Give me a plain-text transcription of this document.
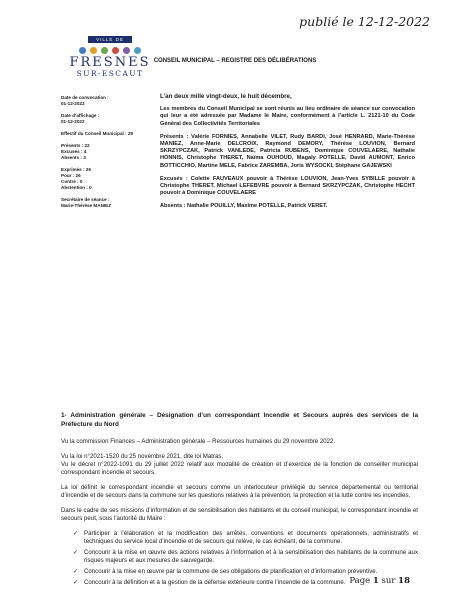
publié le 12-12-2022
VILLE DE
FRESNES
SUR-ESCAUT
CONSEIL MUNICIPAL – REGISTRE DES DÉLIBÉRATIONS
Date de convocation :
01-12-2022
Date d’affichage :
01-12-2022
Effectif du Conseil Municipal : 29
Présents : 22
Excusés : 4
Absents : 3
Exprimés : 26
Pour : 26
Contre : 0
Abstention : 0
Secrétaire de séance :
Marie-Thérèse MANIEZ

L’an deux mille vingt-deux, le huit décembre,

Les membres du Conseil Municipal se sont réunis au lieu ordinaire de séance sur convocation qui leur a été adressée par Madame le Maire, conformément à l’article L. 2121-10 du Code Général des Collectivités Territoriales

Présents : Valérie FORNIES, Annabelle VILET, Rudy BARDI, José HENRARD, Marie-Thérèse MANIEZ, Anne-Marie DELCROIX, Raymond DEMORY, Thérèse LOUVION, Bernard SKRZYPCZAK, Patrick VANLEDE, Patricia RUBENS, Dominique COUVELAERE, Nathalie HONNIS, Christophe THERET, Naïma OUHOUD, Magaly POTELLE, David AUMONT, Enrico BOTTICCHIO, Martine MELE, Fabrice ZAREMBA, Joris WYSOCKI, Stéphane GAJEWSKI

Excusés : Colette FAUVEAUX pouvoir à Thérèse LOUVION, Jean-Yves SYBILLE pouvoir à Christophe THERET, Michael LEFEBVRE pouvoir à Bernard SKRZYPCZAK, Christophe HECHT pouvoir à Dominique COUVELAERE

Absents : Nathalie POUILLY, Maxime POTELLE, Patrick VERET.

1- Administration générale – Désignation d’un correspondant Incendie et Secours auprès des services de la Préfecture du Nord

Vu la commission Finances – Administration générale – Ressources humaines du 29 novembre 2022.

Vu la loi n°2021-1520 du 25 novembre 2021, dite loi Matras,

Vu le décret n°2022-1091 du 29 juillet 2022 relatif aux modalité de création et d’exercice de la fonction de conseiller municipal correspondant incendie et secours.

La loi définit le correspondant incendie et secours comme un interlocuteur privilégié du service départemental ou territorial d’incendie et de secours dans la commune sur les questions relatives à la prévention, la protection et la lutte contre les incendies.

Dans le cadre de ses missions d’information et de sensibilisation des habitants et du conseil municipal, le correspondant incendie et secours peut, sous l’autorité du Maire :

✓ Participer à l’élaboration et la modification des arrêtés, conventions et documents opérationnels, administratifs et techniques du service local d’incendie et de secours qui relève, le cas échéant, de la commune.
✓ Concourir à la mise en œuvre des actions relatives à l’information et à la sensibilisation des habitants de la commune aux risques majeurs et aux mesures de sauvegarde.
✓ Concourir à la mise en œuvre par la commune de ses obligations de planification et d’information préventive.
✓ Concourir à la définition et à la gestion de la défense extérieure contre l’incendie de la commune. Page 1 sur 18
